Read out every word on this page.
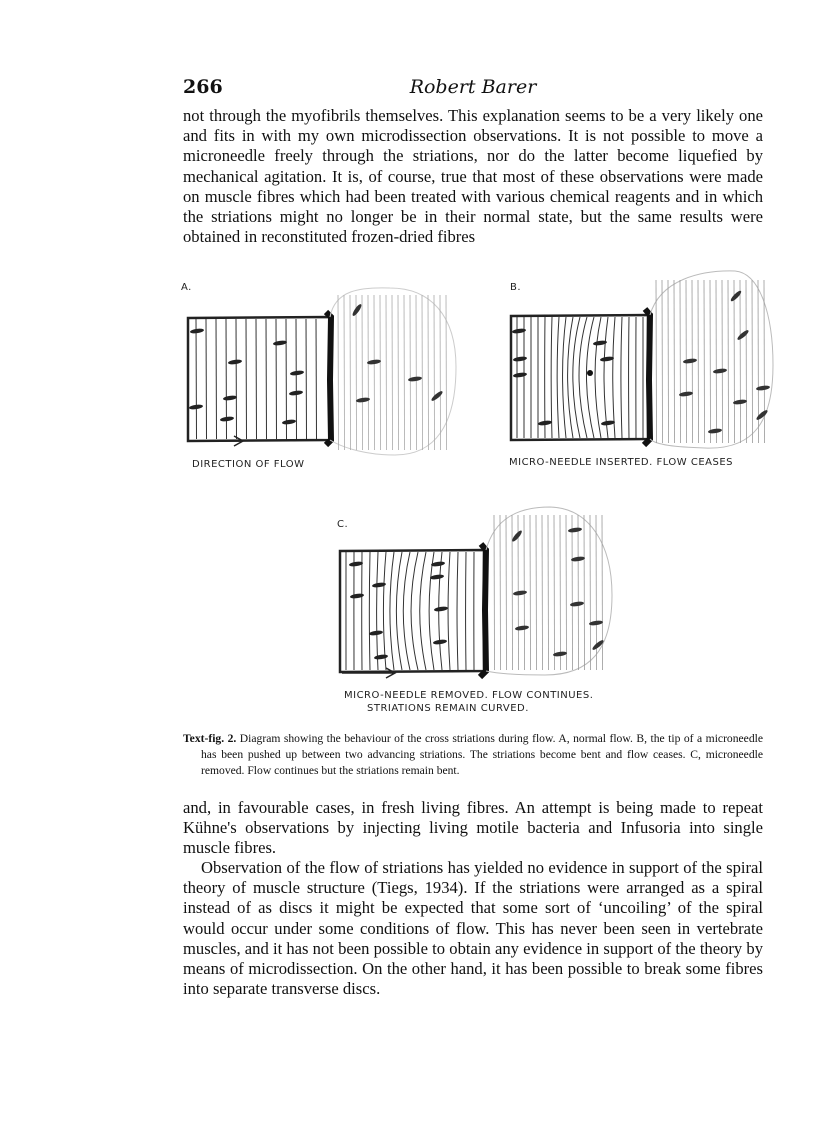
266	Robert Barer

not through the myofibrils themselves. This explanation seems to be a very likely one and fits in with my own microdissection observations. It is not possible to move a microneedle freely through the striations, nor do the latter become liquefied by mechanical agitation. It is, of course, true that most of these observations were made on muscle fibres which had been treated with various chemical reagents and in which the striations might no longer be in their normal state, but the same results were obtained in reconstituted frozen-dried fibres

A.
DIRECTION OF FLOW
B.
MICRO-NEEDLE INSERTED. FLOW CEASES
C.
MICRO-NEEDLE REMOVED. FLOW CONTINUES.
STRIATIONS REMAIN CURVED.

Text-fig. 2. Diagram showing the behaviour of the cross striations during flow. A, normal flow. B, the tip of a microneedle has been pushed up between two advancing striations. The striations become bent and flow ceases. C, microneedle removed. Flow continues but the striations remain bent.

and, in favourable cases, in fresh living fibres. An attempt is being made to repeat Kühne's observations by injecting living motile bacteria and Infusoria into single muscle fibres.

Observation of the flow of striations has yielded no evidence in support of the spiral theory of muscle structure (Tiegs, 1934). If the striations were arranged as a spiral instead of as discs it might be expected that some sort of ‘uncoiling’ of the spiral would occur under some conditions of flow. This has never been seen in vertebrate muscles, and it has not been possible to obtain any evidence in support of the theory by means of microdissection. On the other hand, it has been possible to break some fibres into separate transverse discs.
